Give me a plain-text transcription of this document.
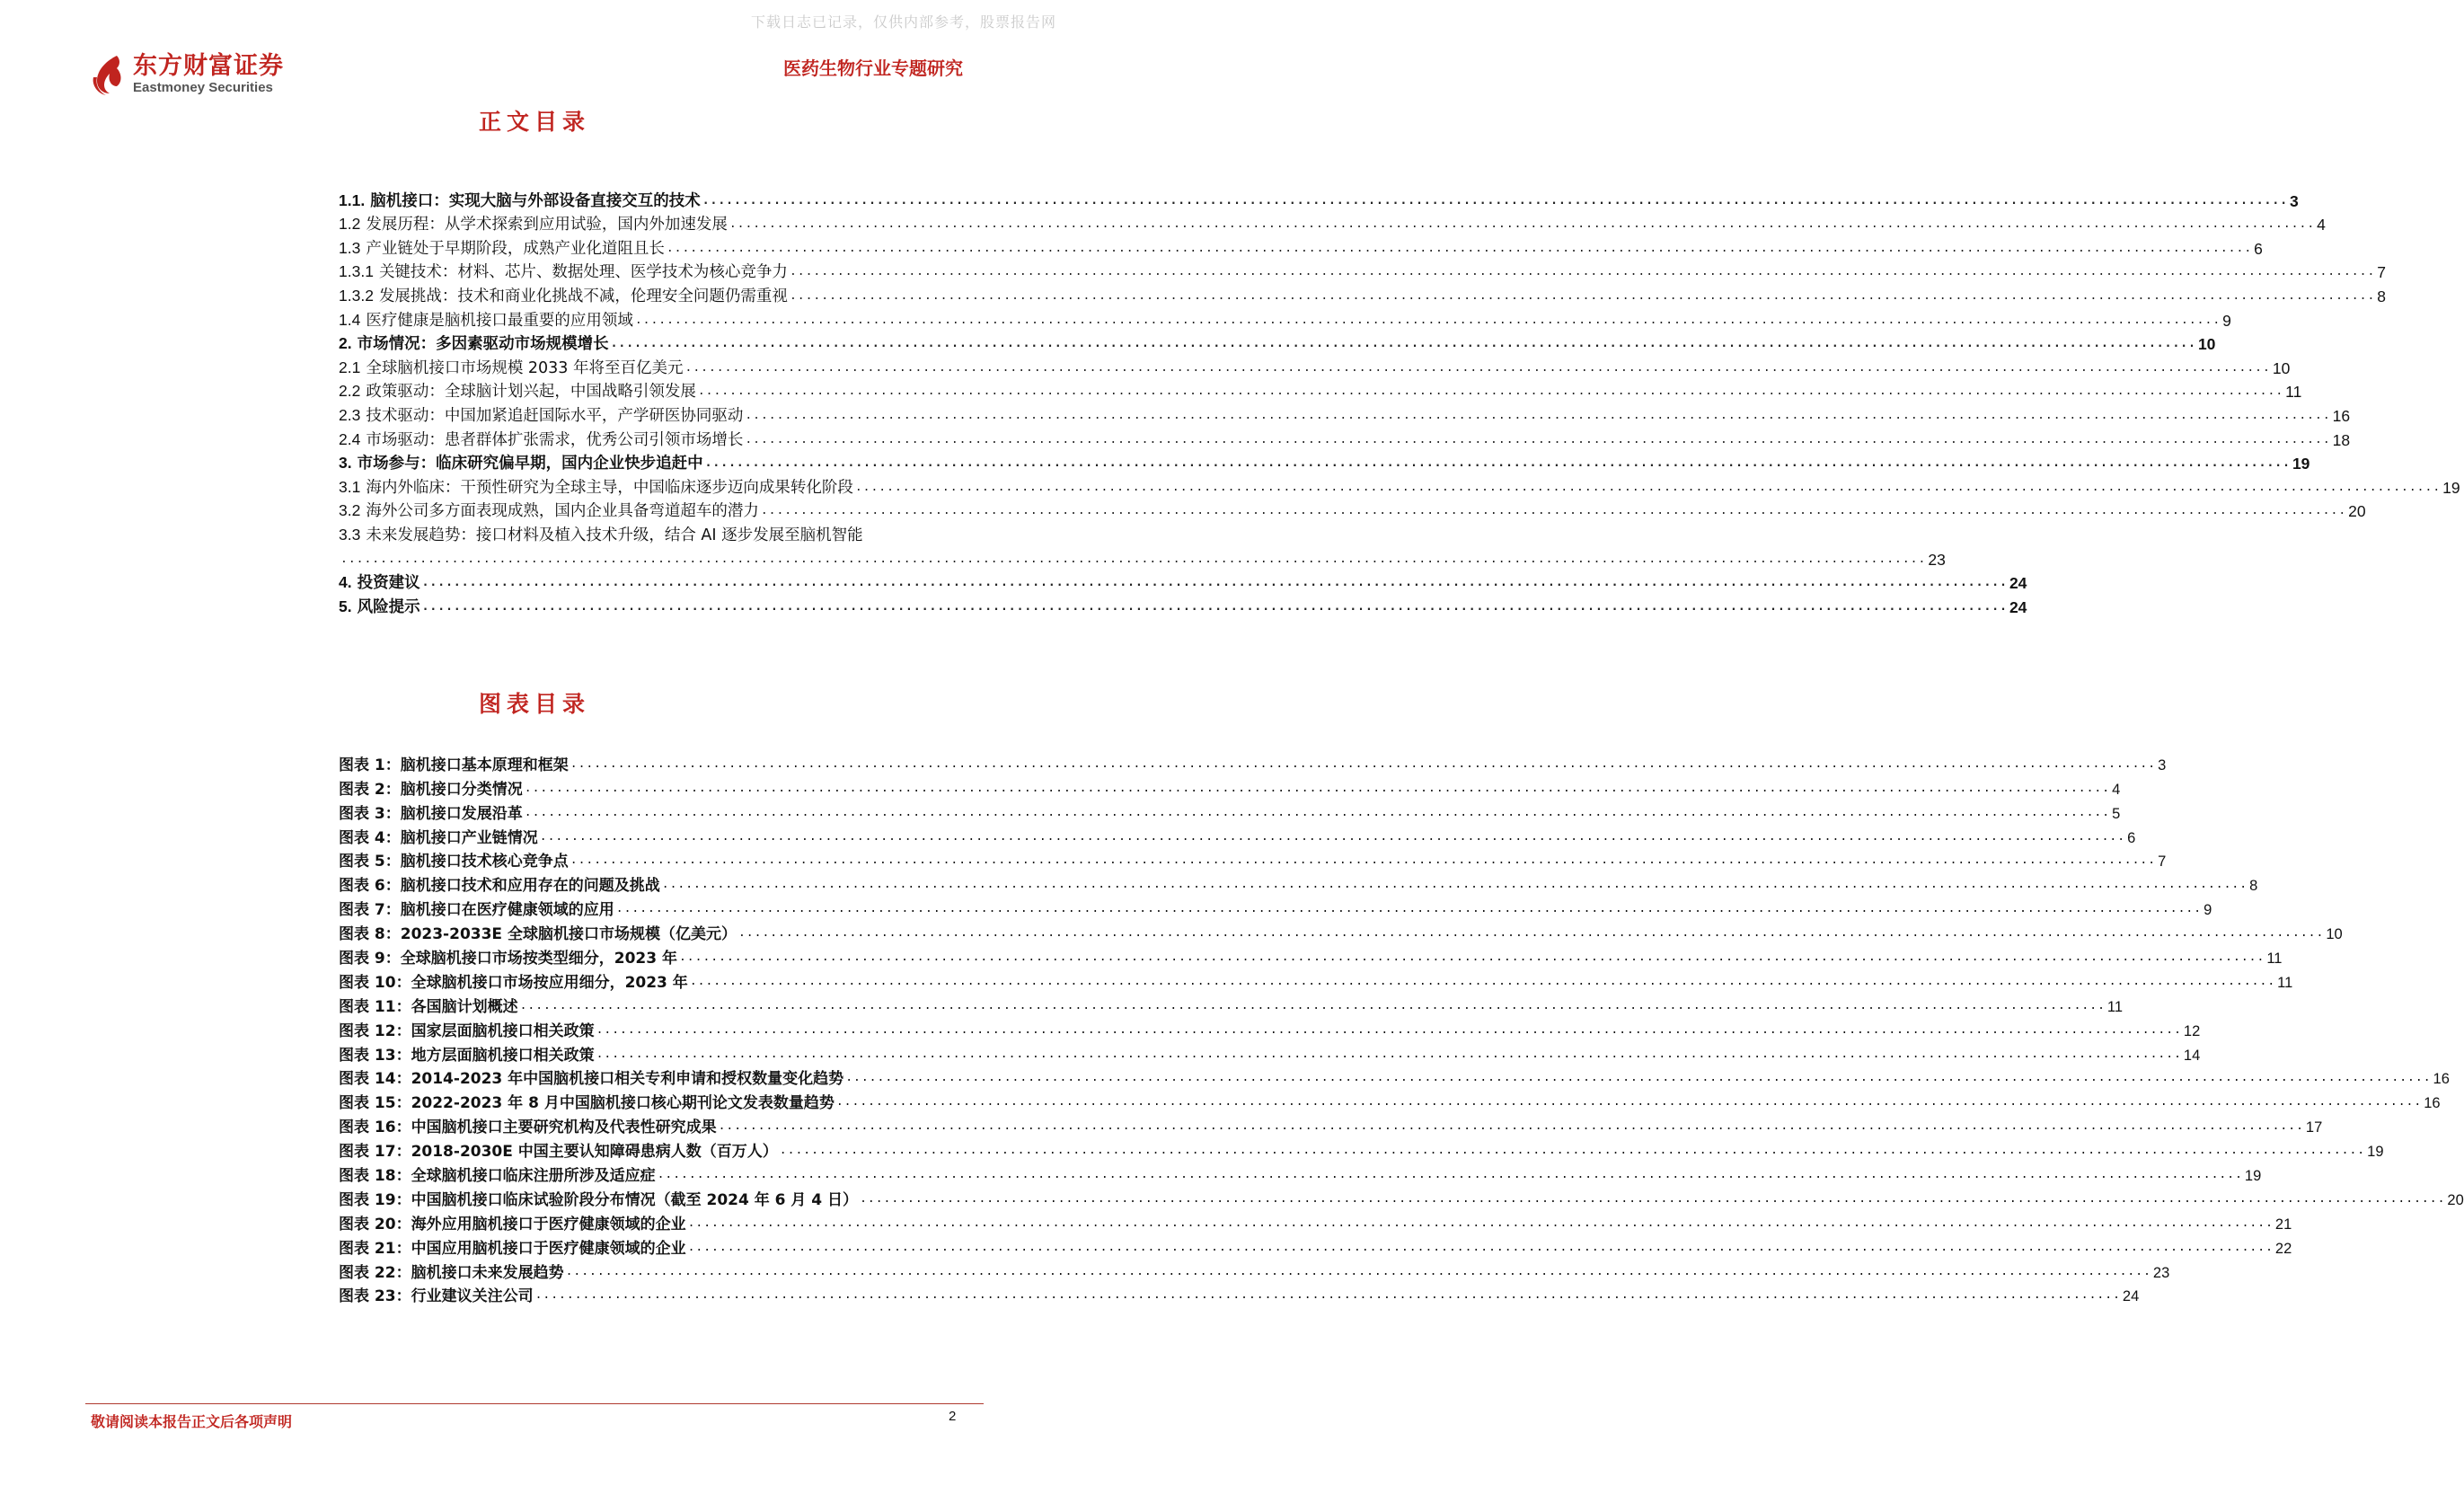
下载日志已记录，仅供内部参考，股票报告网
东方财富证券
Eastmoney Securities
医药生物行业专题研究
正文目录
1.1. 脑机接口：实现大脑与外部设备直接交互的技术 ........................................................................................................................................................................................................ 3
1.2 发展历程：从学术探索到应用试验，国内外加速发展 ........................................................................................................................................................................................................ 4
1.3 产业链处于早期阶段，成熟产业化道阻且长 ........................................................................................................................................................................................................ 6
1.3.1 关键技术：材料、芯片、数据处理、医学技术为核心竞争力 ........................................................................................................................................................................................................ 7
1.3.2 发展挑战：技术和商业化挑战不减，伦理安全问题仍需重视 ........................................................................................................................................................................................................ 8
1.4 医疗健康是脑机接口最重要的应用领域 ........................................................................................................................................................................................................ 9
2. 市场情况：多因素驱动市场规模增长 ........................................................................................................................................................................................................ 10
2.1 全球脑机接口市场规模 2033 年将至百亿美元 ........................................................................................................................................................................................................ 10
2.2 政策驱动：全球脑计划兴起，中国战略引领发展 ........................................................................................................................................................................................................ 11
2.3 技术驱动：中国加紧追赶国际水平，产学研医协同驱动 ........................................................................................................................................................................................................ 16
2.4 市场驱动：患者群体扩张需求，优秀公司引领市场增长 ........................................................................................................................................................................................................ 18
3. 市场参与：临床研究偏早期，国内企业快步追赶中 ........................................................................................................................................................................................................ 19
3.1 海内外临床：干预性研究为全球主导，中国临床逐步迈向成果转化阶段 ........................................................................................................................................................................................................ 19
3.2 海外公司多方面表现成熟，国内企业具备弯道超车的潜力 ........................................................................................................................................................................................................ 20
3.3 未来发展趋势：接口材料及植入技术升级，结合 AI 逐步发展至脑机智能
........................................................................................................................................................................................................ 23
4. 投资建议 ........................................................................................................................................................................................................ 24
5. 风险提示 ........................................................................................................................................................................................................ 24
图表目录
图表 1：脑机接口基本原理和框架 ........................................................................................................................................................................................................ 3
图表 2：脑机接口分类情况 ........................................................................................................................................................................................................ 4
图表 3：脑机接口发展沿革 ........................................................................................................................................................................................................ 5
图表 4：脑机接口产业链情况 ........................................................................................................................................................................................................ 6
图表 5：脑机接口技术核心竞争点 ........................................................................................................................................................................................................ 7
图表 6：脑机接口技术和应用存在的问题及挑战 ........................................................................................................................................................................................................ 8
图表 7：脑机接口在医疗健康领域的应用 ........................................................................................................................................................................................................ 9
图表 8：2023-2033E 全球脑机接口市场规模（亿美元） ........................................................................................................................................................................................................ 10
图表 9：全球脑机接口市场按类型细分，2023 年 ........................................................................................................................................................................................................ 11
图表 10：全球脑机接口市场按应用细分，2023 年 ........................................................................................................................................................................................................ 11
图表 11：各国脑计划概述 ........................................................................................................................................................................................................ 11
图表 12：国家层面脑机接口相关政策 ........................................................................................................................................................................................................ 12
图表 13：地方层面脑机接口相关政策 ........................................................................................................................................................................................................ 14
图表 14：2014-2023 年中国脑机接口相关专利申请和授权数量变化趋势 ........................................................................................................................................................................................................ 16
图表 15：2022-2023 年 8 月中国脑机接口核心期刊论文发表数量趋势 ........................................................................................................................................................................................................ 16
图表 16：中国脑机接口主要研究机构及代表性研究成果 ........................................................................................................................................................................................................ 17
图表 17：2018-2030E 中国主要认知障碍患病人数（百万人） ........................................................................................................................................................................................................ 19
图表 18：全球脑机接口临床注册所涉及适应症 ........................................................................................................................................................................................................ 19
图表 19：中国脑机接口临床试验阶段分布情况（截至 2024 年 6 月 4 日） ........................................................................................................................................................................................................ 20
图表 20：海外应用脑机接口于医疗健康领域的企业 ........................................................................................................................................................................................................ 21
图表 21：中国应用脑机接口于医疗健康领域的企业 ........................................................................................................................................................................................................ 22
图表 22：脑机接口未来发展趋势 ........................................................................................................................................................................................................ 23
图表 23：行业建议关注公司 ........................................................................................................................................................................................................ 24
敬请阅读本报告正文后各项声明	2
